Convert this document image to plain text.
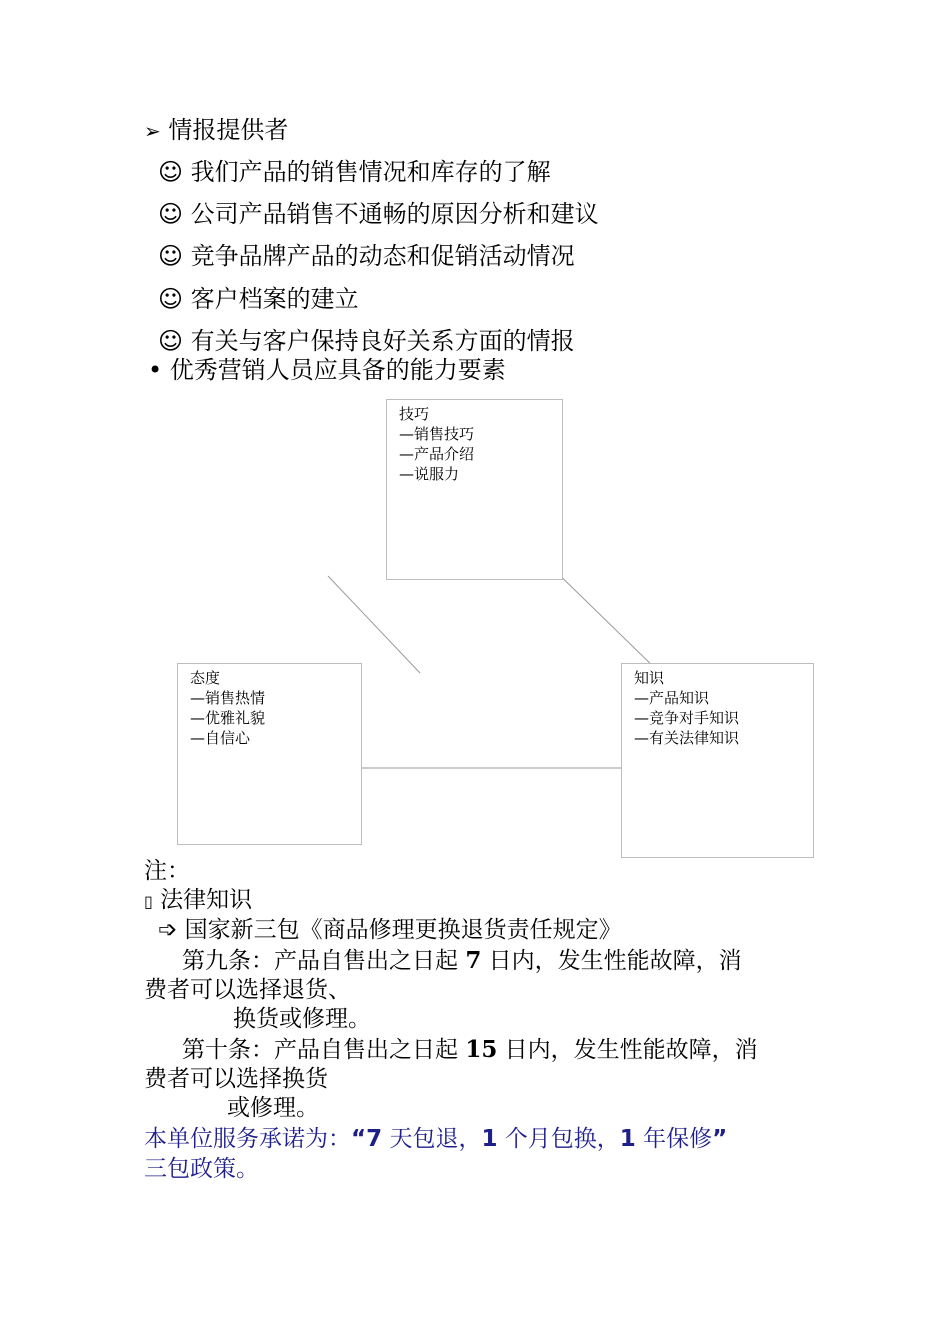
➢ 情报提供者
☺ 我们产品的销售情况和库存的了解
☺ 公司产品销售不通畅的原因分析和建议
☺ 竞争品牌产品的动态和促销活动情况
☺ 客户档案的建立
☺ 有关与客户保持良好关系方面的情报
• 优秀营销人员应具备的能力要素
技巧
—销售技巧
—产品介绍
—说服力
态度
—销售热情
—优雅礼貌
—自信心
知识
—产品知识
—竞争对手知识
—有关法律知识
注：
▯ 法律知识
➩ 国家新三包《商品修理更换退货责任规定》
第九条：产品自售出之日起 7 日内，发生性能故障，消
费者可以选择退货、
换货或修理。
第十条：产品自售出之日起 15 日内，发生性能故障，消
费者可以选择换货
或修理。
本单位服务承诺为：“7 天包退，1 个月包换，1 年保修”
三包政策。
